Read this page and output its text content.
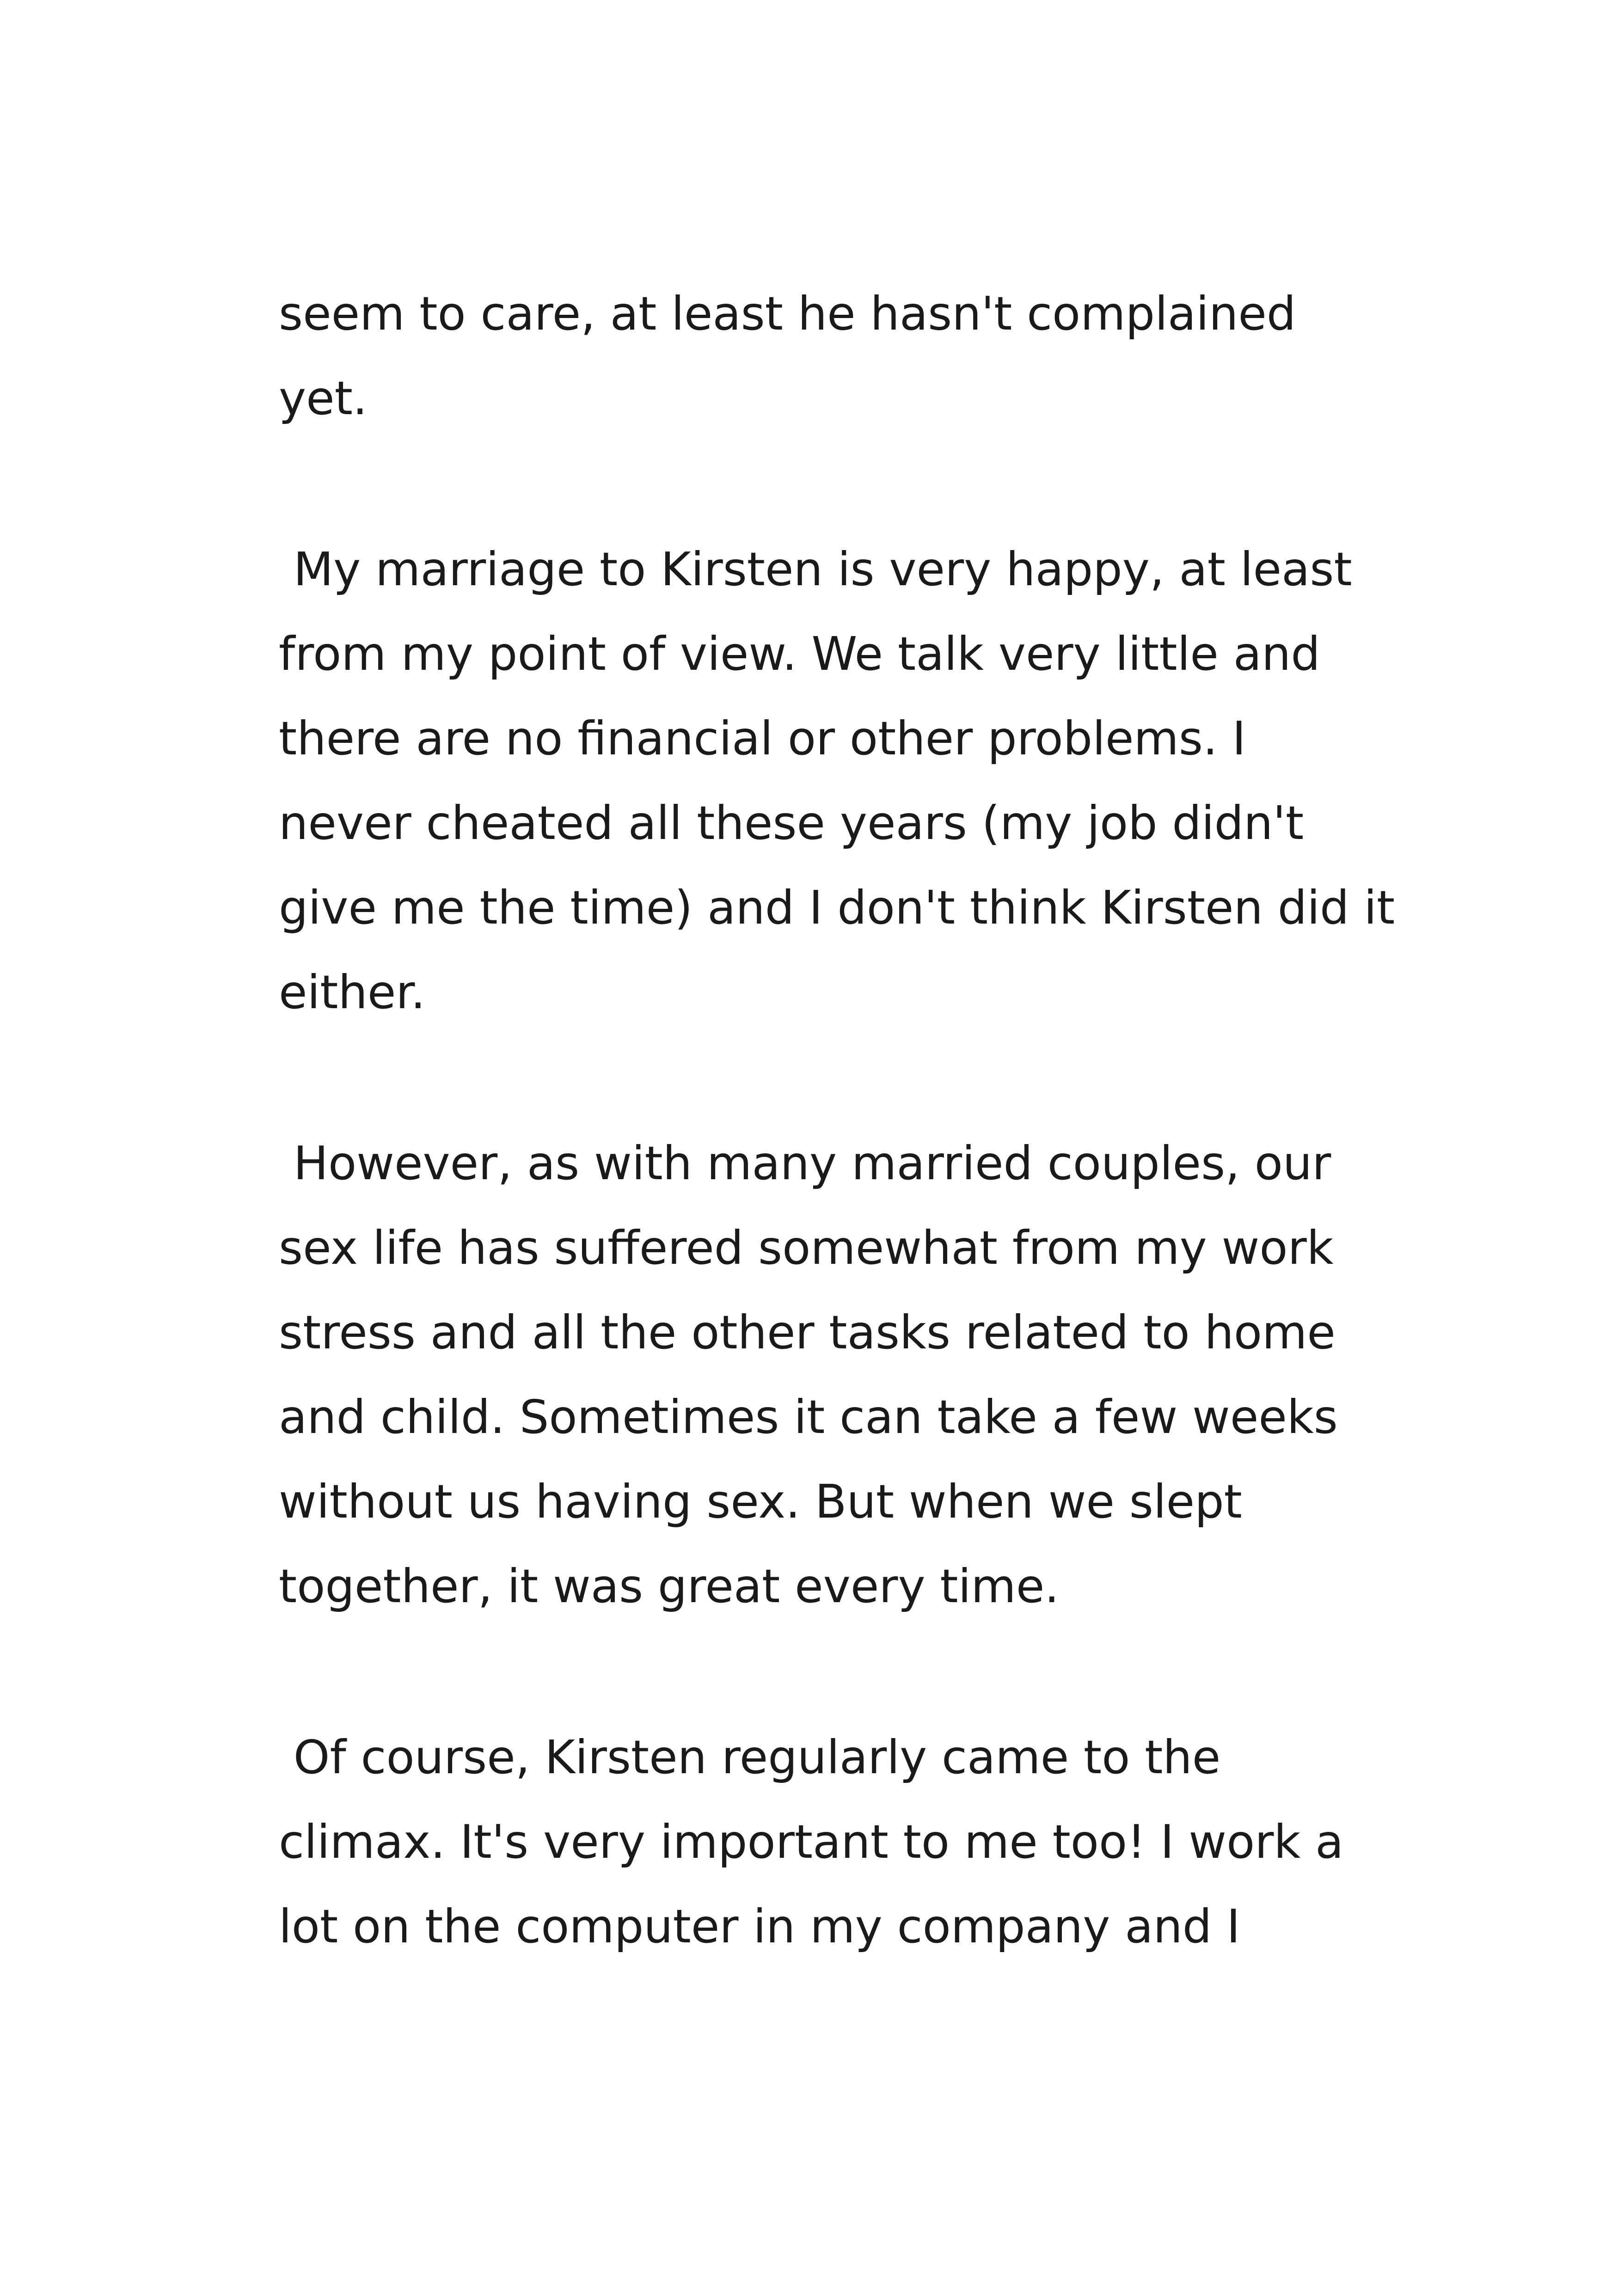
seem to care, at least he hasn't complained
yet.
My marriage to Kirsten is very happy, at least
from my point of view. We talk very little and
there are no financial or other problems. I
never cheated all these years (my job didn't
give me the time) and I don't think Kirsten did it
either.
However, as with many married couples, our
sex life has suffered somewhat from my work
stress and all the other tasks related to home
and child. Sometimes it can take a few weeks
without us having sex. But when we slept
together, it was great every time.
Of course, Kirsten regularly came to the
climax. It's very important to me too! I work a
lot on the computer in my company and I
